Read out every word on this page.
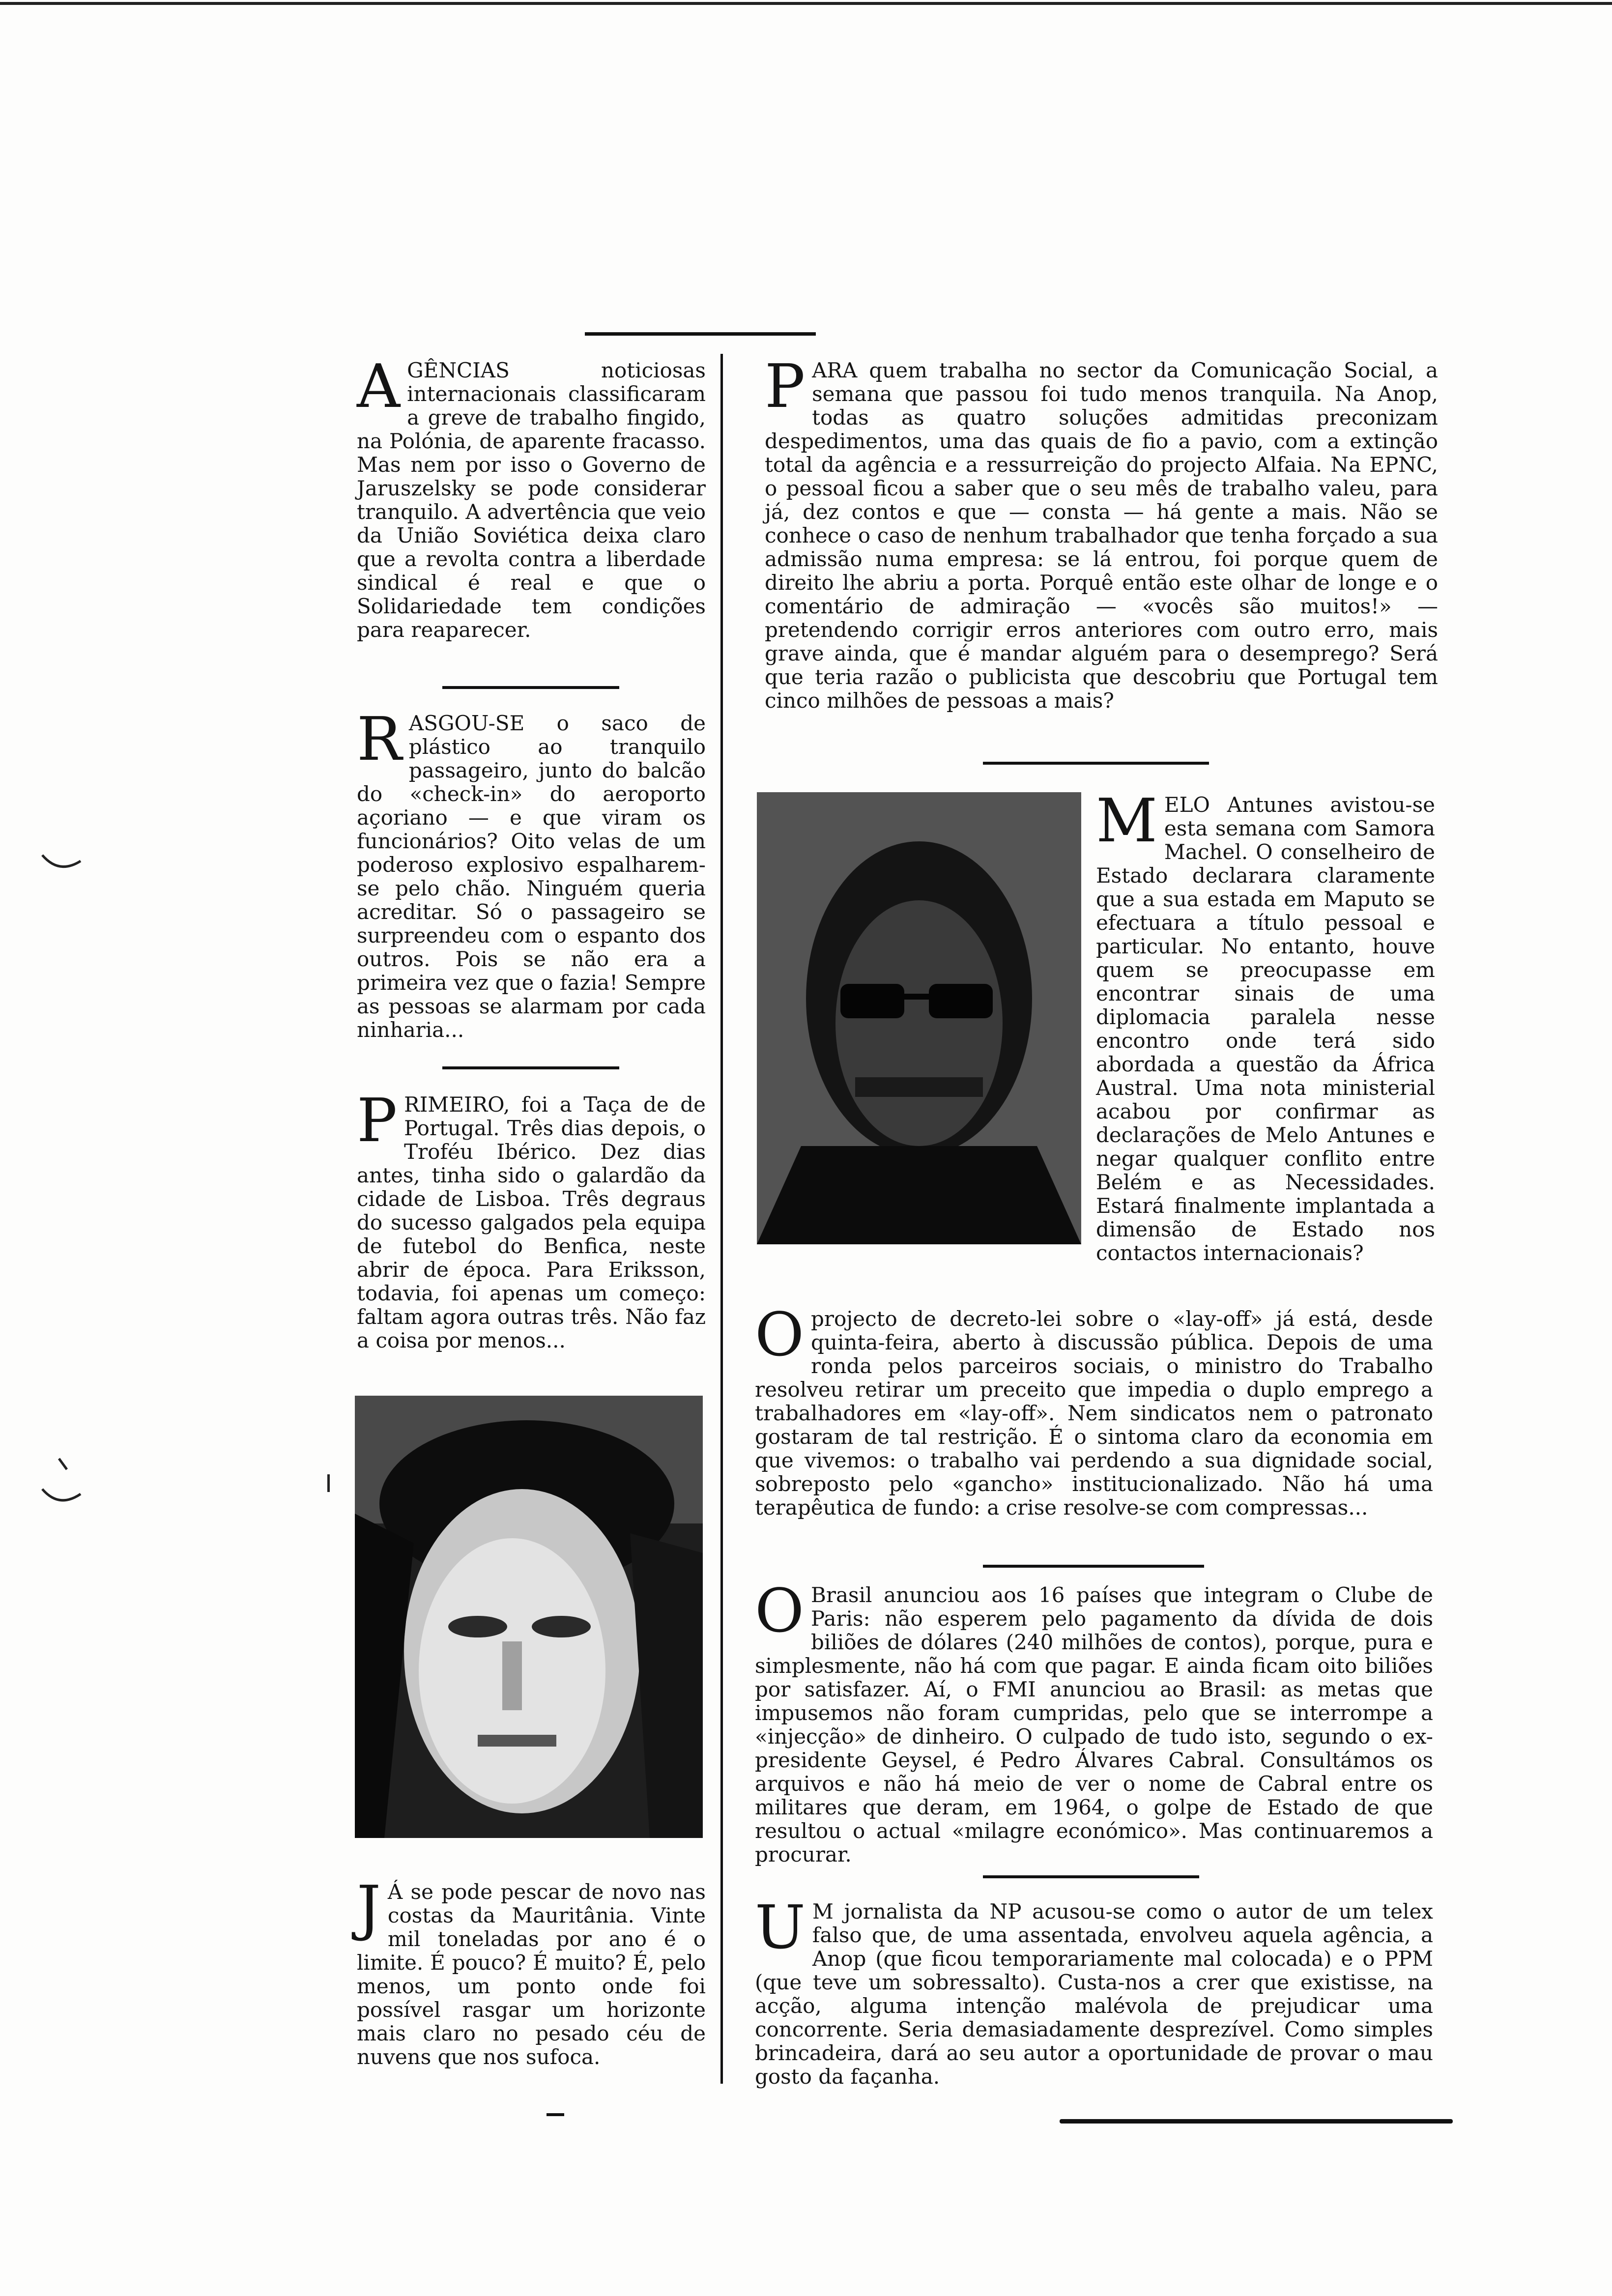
AGÊNCIAS noticiosas internacionais classificaram a greve de trabalho fingido, na Polónia, de aparente fracasso. Mas nem por isso o Governo de Jaruszelsky se pode considerar tranquilo. A advertência que veio da União Soviética deixa claro que a revolta contra a liberdade sindical é real e que o Solidariedade tem condições para reaparecer.

RASGOU-SE o saco de plástico ao tranquilo passageiro, junto do balcão do «check-in» do aeroporto açoriano — e que viram os funcionários? Oito velas de um poderoso explosivo espalharem-se pelo chão. Ninguém queria acreditar. Só o passageiro se surpreendeu com o espanto dos outros. Pois se não era a primeira vez que o fazia! Sempre as pessoas se alarmam por cada ninharia...

PRIMEIRO, foi a Taça de de Portugal. Três dias depois, o Troféu Ibérico. Dez dias antes, tinha sido o galardão da cidade de Lisboa. Três degraus do sucesso galgados pela equipa de futebol do Benfica, neste abrir de época. Para Eriksson, todavia, foi apenas um começo: faltam agora outras três. Não faz a coisa por menos...

J Á se pode pescar de novo nas costas da Mauritânia. Vinte mil toneladas por ano é o limite. É pouco? É muito? É, pelo menos, um ponto onde foi possível rasgar um horizonte mais claro no pesado céu de nuvens que nos sufoca.

PARA quem trabalha no sector da Comunicação Social, a semana que passou foi tudo menos tranquila. Na Anop, todas as quatro soluções admitidas preconizam despedimentos, uma das quais de fio a pavio, com a extinção total da agência e a ressurreição do projecto Alfaia. Na EPNC, o pessoal ficou a saber que o seu mês de trabalho valeu, para já, dez contos e que — consta — há gente a mais. Não se conhece o caso de nenhum trabalhador que tenha forçado a sua admissão numa empresa: se lá entrou, foi porque quem de direito lhe abriu a porta. Porquê então este olhar de longe e o comentário de admiração — «vocês são muitos!» — pretendendo corrigir erros anteriores com outro erro, mais grave ainda, que é mandar alguém para o desemprego? Será que teria razão o publicista que descobriu que Portugal tem cinco milhões de pessoas a mais?

MELO Antunes avistou-se esta semana com Samora Machel. O conselheiro de Estado declarara claramente que a sua estada em Maputo se efectuara a título pessoal e particular. No entanto, houve quem se preocupasse em encontrar sinais de uma diplomacia paralela nesse encontro onde terá sido abordada a questão da África Austral. Uma nota ministerial acabou por confirmar as declarações de Melo Antunes e negar qualquer conflito entre Belém e as Necessidades. Estará finalmente implantada a dimensão de Estado nos contactos internacionais?

Oprojecto de decreto-lei sobre o «lay-off» já está, desde quinta-feira, aberto à discussão pública. Depois de uma ronda pelos parceiros sociais, o ministro do Trabalho resolveu retirar um preceito que impedia o duplo emprego a trabalhadores em «lay-off». Nem sindicatos nem o patronato gostaram de tal restrição. É o sintoma claro da economia em que vivemos: o trabalho vai perdendo a sua dignidade social, sobreposto pelo «gancho» institucionalizado. Não há uma terapêutica de fundo: a crise resolve-se com compressas...

O Brasil anunciou aos 16 países que integram o Clube de Paris: não esperem pelo pagamento da dívida de dois biliões de dólares (240 milhões de contos), porque, pura e simplesmente, não há com que pagar. E ainda ficam oito biliões por satisfazer. Aí, o FMI anunciou ao Brasil: as metas que impusemos não foram cumpridas, pelo que se interrompe a «injecção» de dinheiro. O culpado de tudo isto, segundo o ex-presidente Geysel, é Pedro Álvares Cabral. Consultámos os arquivos e não há meio de ver o nome de Cabral entre os militares que deram, em 1964, o golpe de Estado de que resultou o actual «milagre económico». Mas continuaremos a procurar.

U M jornalista da NP acusou-se como o autor de um telex falso que, de uma assentada, envolveu aquela agência, a Anop (que ficou temporariamente mal colocada) e o PPM (que teve um sobressalto). Custa-nos a crer que existisse, na acção, alguma intenção malévola de prejudicar uma concorrente. Seria demasiadamente desprezível. Como simples brincadeira, dará ao seu autor a oportunidade de provar o mau gosto da façanha.
